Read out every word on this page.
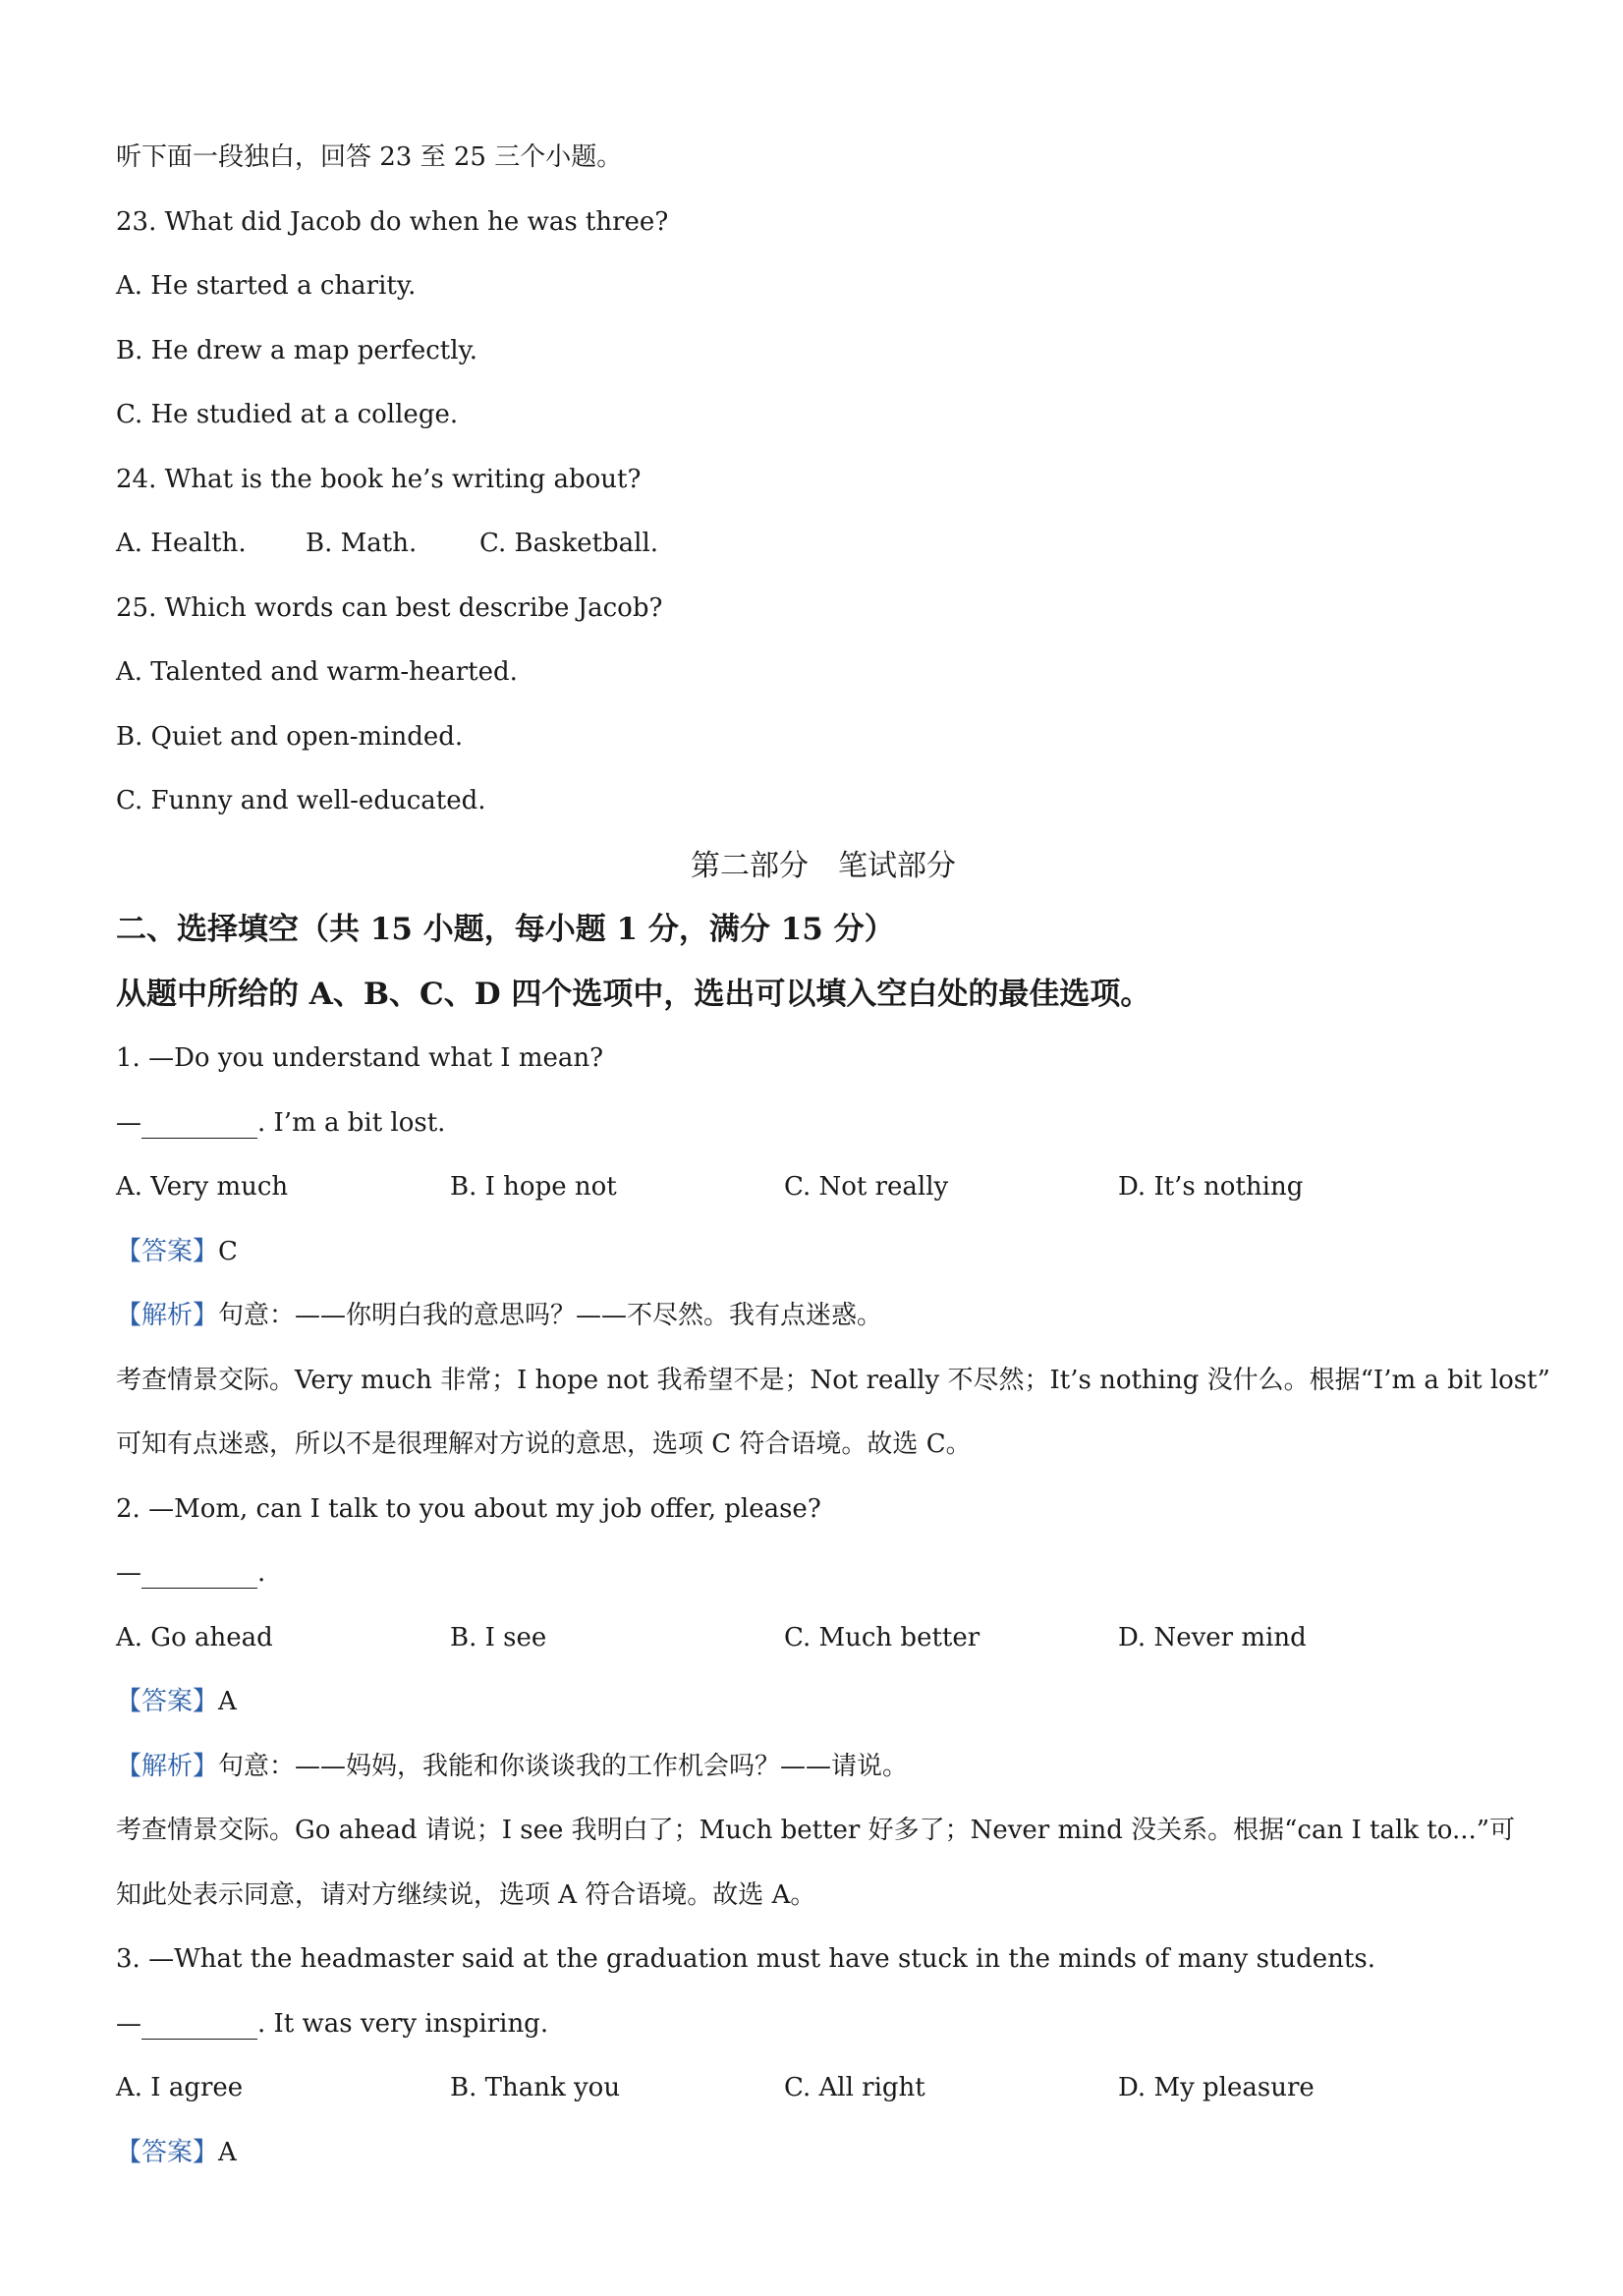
听下面一段独白，回答 23 至 25 三个小题。
23. What did Jacob do when he was three?
A. He started a charity.
B. He drew a map perfectly.
C. He studied at a college.
24. What is the book he’s writing about?
A. Health. B. Math. C. Basketball.
25. Which words can best describe Jacob?
A. Talented and warm-hearted.
B. Quiet and open-minded.
C. Funny and well-educated.
第二部分　笔试部分
二、选择填空（共 15 小题，每小题 1 分，满分 15 分）
从题中所给的 A、B、C、D 四个选项中，选出可以填入空白处的最佳选项。
1. —Do you understand what I mean?
—	. I’m a bit lost.
A. Very much	B. I hope not	C. Not really	D. It’s nothing
【答案】C
【解析】句意：——你明白我的意思吗？——不尽然。我有点迷惑。
考查情景交际。Very much 非常；I hope not 我希望不是；Not really 不尽然；It’s nothing 没什么。根据“I’m a bit lost”
可知有点迷惑，所以不是很理解对方说的意思，选项 C 符合语境。故选 C。
2. —Mom, can I talk to you about my job offer, please?
—	.
A. Go ahead	B. I see	C. Much better	D. Never mind
【答案】A
【解析】句意：——妈妈，我能和你谈谈我的工作机会吗？——请说。
考查情景交际。Go ahead 请说；I see 我明白了；Much better 好多了；Never mind 没关系。根据“can I talk to...”可
知此处表示同意，请对方继续说，选项 A 符合语境。故选 A。
3. —What the headmaster said at the graduation must have stuck in the minds of many students.
—	. It was very inspiring.
A. I agree	B. Thank you	C. All right	D. My pleasure
【答案】A
